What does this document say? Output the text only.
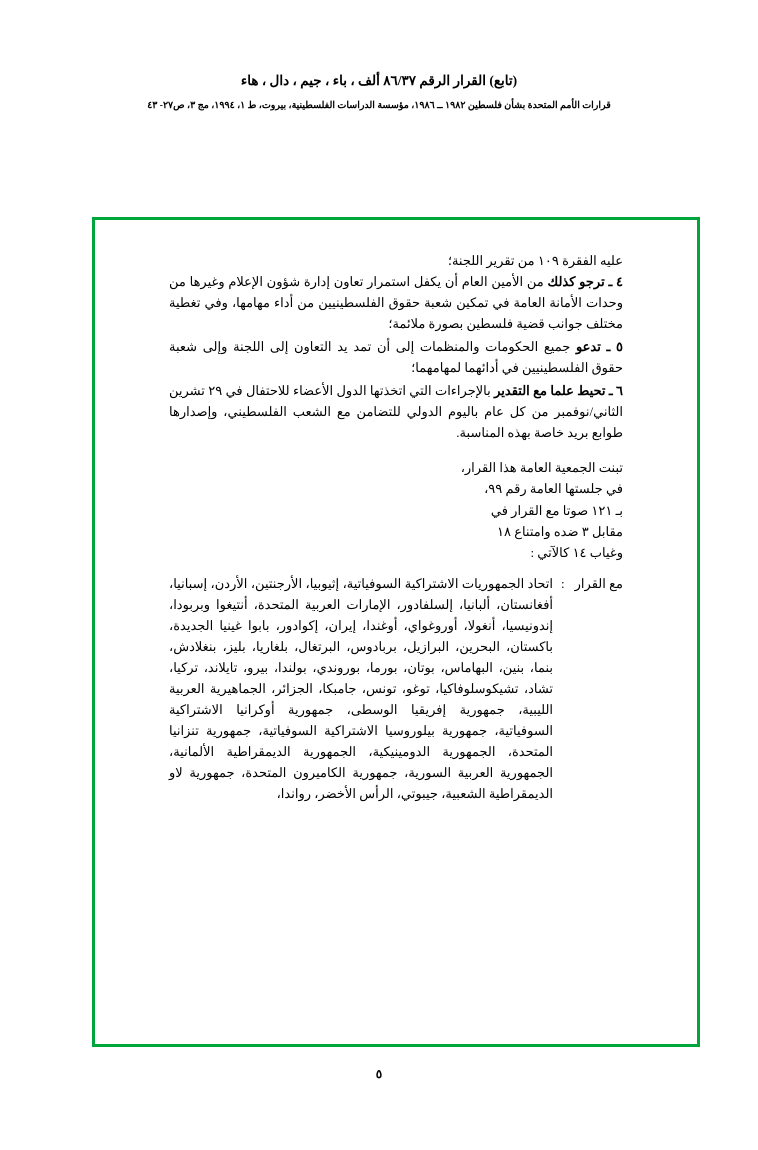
(تابع) القرار الرقم ٨٦/٣٧ ألف ، باء ، جيم ، دال ، هاء
قرارات الأمم المتحدة بشأن فلسطين ١٩٨٢ ــ ١٩٨٦، مؤسسة الدراسات الفلسطينية، بيروت، ط ١، ١٩٩٤، مج ٣، ص٢٧- ٤٣

عليه الفقرة ١٠٩ من تقرير اللجنة؛

٤ ـ ترجو كذلك من الأمين العام أن يكفل استمرار تعاون إدارة شؤون الإعلام وغيرها من وحدات الأمانة العامة في تمكين شعبة حقوق الفلسطينيين من أداء مهامها، وفي تغطية مختلف جوانب قضية فلسطين بصورة ملائمة؛

٥ ـ تدعو جميع الحكومات والمنظمات إلى أن تمد يد التعاون إلى اللجنة وإلى شعبة حقوق الفلسطينيين في أدائهما لمهامهما؛

٦ ـ تحيط علما مع التقدير بالإجراءات التي اتخذتها الدول الأعضاء للاحتفال في ٢٩ تشرين الثاني/نوفمبر من كل عام باليوم الدولي للتضامن مع الشعب الفلسطيني، وإصدارها طوابع بريد خاصة بهذه المناسبة.

تبنت الجمعية العامة هذا القرار،

في جلستها العامة رقم ٩٩،

بـ ١٢١ صوتا مع القرار في

مقابل ٣ ضده وامتناع ١٨

وغياب ١٤ كالآتي :

مع القرار
:
اتحاد الجمهوريات الاشتراكية السوفياتية، إثيوبيا، الأرجنتين، الأردن، إسبانيا، أفغانستان، ألبانيا، إلسلفادور، الإمارات العربية المتحدة، أنتيغوا وبربودا، إندونيسيا، أنغولا، أوروغواي، أوغندا، إيران، إكوادور، بابوا غينيا الجديدة، باكستان، البحرين، البرازيل، بربادوس، البرتغال، بلغاريا، بليز، بنغلادش، بنما، بنين، البهاماس، بوتان، بورما، بوروندي، بولندا، بيرو، تايلاند، تركيا، تشاد، تشيكوسلوفاكيا، توغو، تونس، جامبكا، الجزائر، الجماهيرية العربية الليبية، جمهورية إفريقيا الوسطى، جمهورية أوكرانيا الاشتراكية السوفياتية، جمهورية بيلوروسيا الاشتراكية السوفياتية، جمهورية تنزانيا المتحدة، الجمهورية الدومينيكية، الجمهورية الديمقراطية الألمانية، الجمهورية العربية السورية، جمهورية الكاميرون المتحدة، جمهورية لاو الديمقراطية الشعبية، جيبوتي، الرأس الأخضر، رواندا،
٥
